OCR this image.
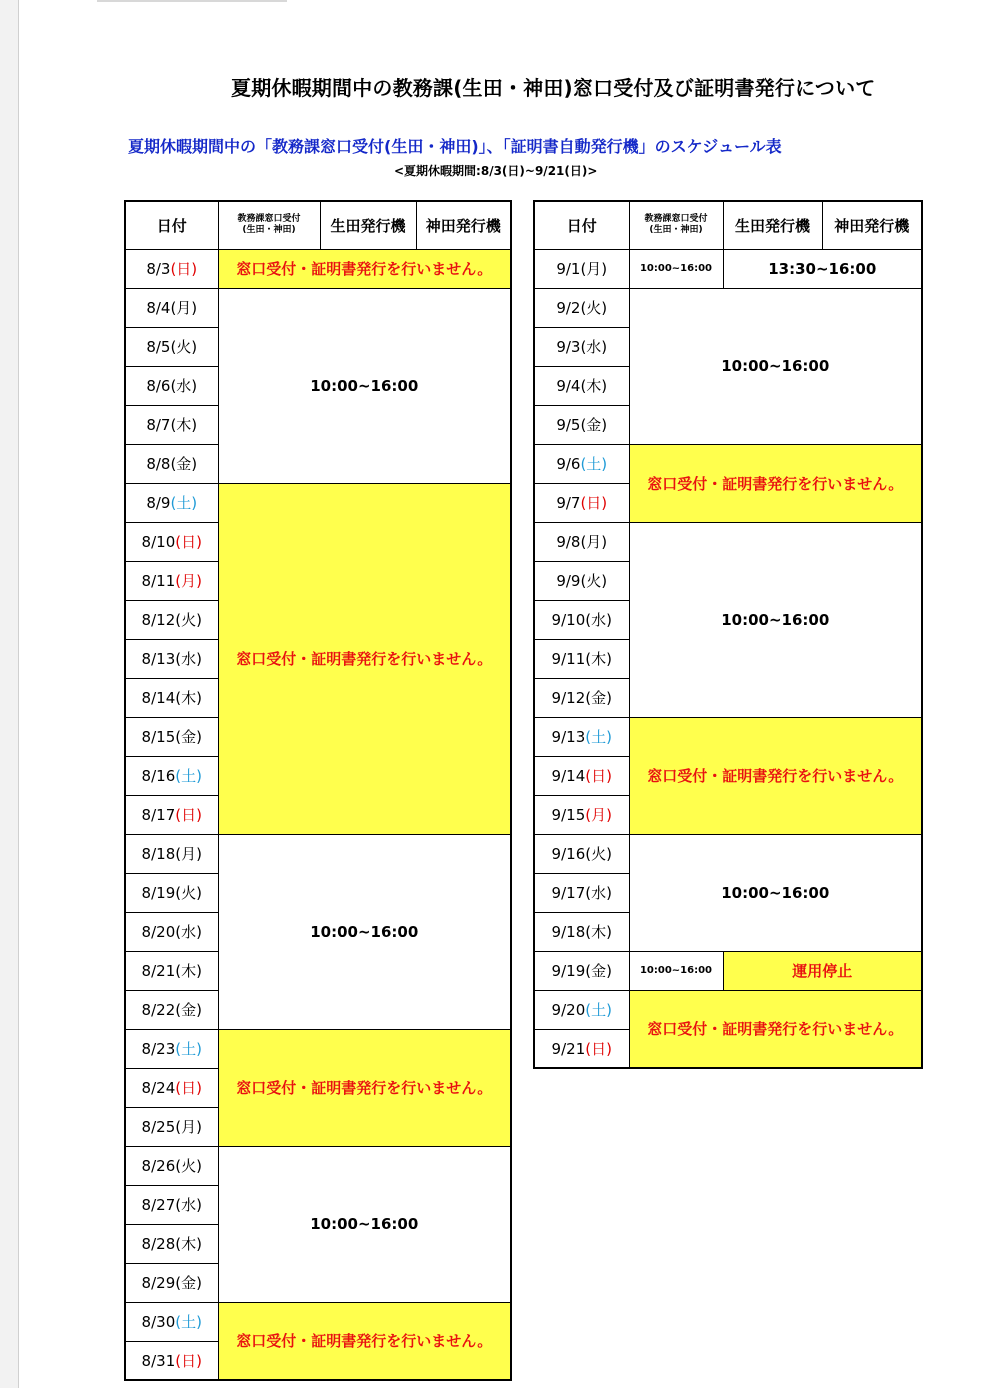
夏期休暇期間中の教務課(生田・神田)窓口受付及び証明書発行について
夏期休暇期間中の「教務課窓口受付(生田・神田)」、「証明書自動発行機」のスケジュール表
<夏期休暇期間:8/3(日)~9/21(日)>
日付	教務課窓口受付
(生田・神田)	生田発行機	神田発行機
8/3(日)	窓口受付・証明書発行を行いません。		
8/4(月)	10:00~16:00		
8/5(火)			
8/6(水)			
8/7(木)			
8/8(金)			
8/9(土)	窓口受付・証明書発行を行いません。		
8/10(日)			
8/11(月)			
8/12(火)			
8/13(水)			
8/14(木)			
8/15(金)			
8/16(土)			
8/17(日)			
8/18(月)	10:00~16:00		
8/19(火)			
8/20(水)			
8/21(木)			
8/22(金)			
8/23(土)	窓口受付・証明書発行を行いません。		
8/24(日)			
8/25(月)			
8/26(火)	10:00~16:00		
8/27(水)			
8/28(木)			
8/29(金)			
8/30(土)	窓口受付・証明書発行を行いません。		
8/31(日)			
日付	教務課窓口受付
(生田・神田)	生田発行機	神田発行機
9/1(月)	10:00~16:00	13:30~16:00	
9/2(火)	10:00~16:00		
9/3(水)			
9/4(木)			
9/5(金)			
9/6(土)	窓口受付・証明書発行を行いません。		
9/7(日)			
9/8(月)	10:00~16:00		
9/9(火)			
9/10(水)			
9/11(木)			
9/12(金)			
9/13(土)	窓口受付・証明書発行を行いません。		
9/14(日)			
9/15(月)			
9/16(火)	10:00~16:00		
9/17(水)			
9/18(木)			
9/19(金)	10:00~16:00	運用停止	
9/20(土)	窓口受付・証明書発行を行いません。		
9/21(日)			
